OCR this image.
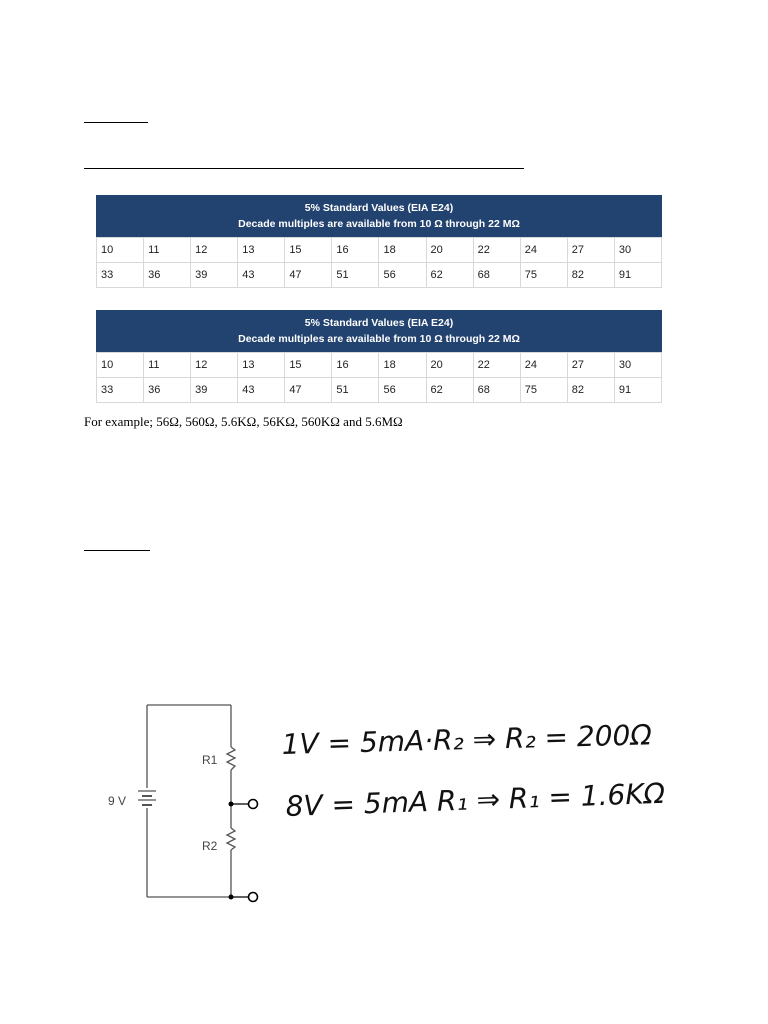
5% Standard Values (EIA E24)
Decade multiples are available from 10 Ω through 22 MΩ
10	11	12	13	15	16	18	20	22	24	27	30
33	36	39	43	47	51	56	62	68	75	82	91
5% Standard Values (EIA E24)
Decade multiples are available from 10 Ω through 22 MΩ
10	11	12	13	15	16	18	20	22	24	27	30
33	36	39	43	47	51	56	62	68	75	82	91
For example; 56Ω, 560Ω, 5.6KΩ, 56KΩ, 560KΩ and 5.6MΩ
9 V
R1
R2
1V = 5mA·R₂ ⇒ R₂ = 200Ω
8V = 5mA R₁ ⇒ R₁ = 1.6KΩ
